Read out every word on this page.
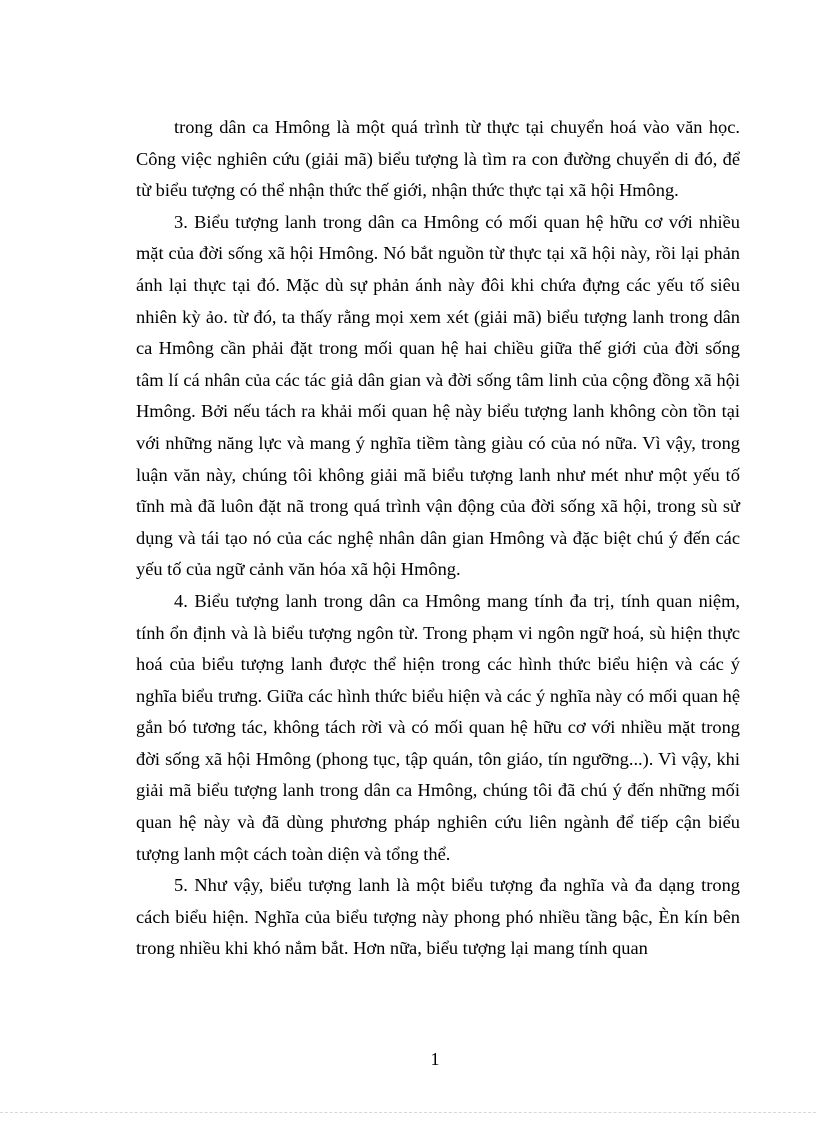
trong dân ca Hmông là một quá trình từ thực tại chuyển hoá vào văn học. Công việc nghiên cứu (giải mã) biểu tượng là tìm ra con đường chuyển di đó, để từ biểu tượng có thể nhận thức thế giới, nhận thức thực tại xã hội Hmông.

3. Biểu tượng lanh trong dân ca Hmông có mối quan hệ hữu cơ với nhiều mặt của đời sống xã hội Hmông. Nó bắt nguồn từ thực tại xã hội này, rồi lại phản ánh lại thực tại đó. Mặc dù sự phản ánh này đôi khi chứa đựng các yếu tố siêu nhiên kỳ ảo. từ đó, ta thấy rằng mọi xem xét (giải mã) biểu tượng lanh trong dân ca Hmông cần phải đặt trong mối quan hệ hai chiều giữa thế giới của đời sống tâm lí cá nhân của các tác giả dân gian và đời sống tâm linh của cộng đồng xã hội Hmông. Bởi nếu tách ra khải mối quan hệ này biểu tượng lanh không còn tồn tại với những năng lực và mang ý nghĩa tiềm tàng giàu có của nó nữa. Vì vậy, trong luận văn này, chúng tôi không giải mã biểu tượng lanh như mét như một yếu tố tĩnh mà đã luôn đặt nã trong quá trình vận động của đời sống xã hội, trong sù sử dụng và tái tạo nó của các nghệ nhân dân gian Hmông và đặc biệt chú ý đến các yếu tố của ngữ cảnh văn hóa xã hội Hmông.

4. Biểu tượng lanh trong dân ca Hmông mang tính đa trị, tính quan niệm, tính ổn định và là biểu tượng ngôn từ. Trong phạm vi ngôn ngữ hoá, sù hiện thực hoá của biểu tượng lanh được thể hiện trong các hình thức biểu hiện và các ý nghĩa biểu trưng. Giữa các hình thức biểu hiện và các ý nghĩa này có mối quan hệ gắn bó tương tác, không tách rời và có mối quan hệ hữu cơ với nhiều mặt trong đời sống xã hội Hmông (phong tục, tập quán, tôn giáo, tín ngưỡng...). Vì vậy, khi giải mã biểu tượng lanh trong dân ca Hmông, chúng tôi đã chú ý đến những mối quan hệ này và đã dùng phương pháp nghiên cứu liên ngành để tiếp cận biểu tượng lanh một cách toàn diện và tổng thể.

5. Như vậy, biểu tượng lanh là một biểu tượng đa nghĩa và đa dạng trong cách biểu hiện. Nghĩa của biểu tượng này phong phó nhiều tầng bậc, Èn kín bên trong nhiều khi khó nắm bắt. Hơn nữa, biểu tượng lại mang tính quan

1
